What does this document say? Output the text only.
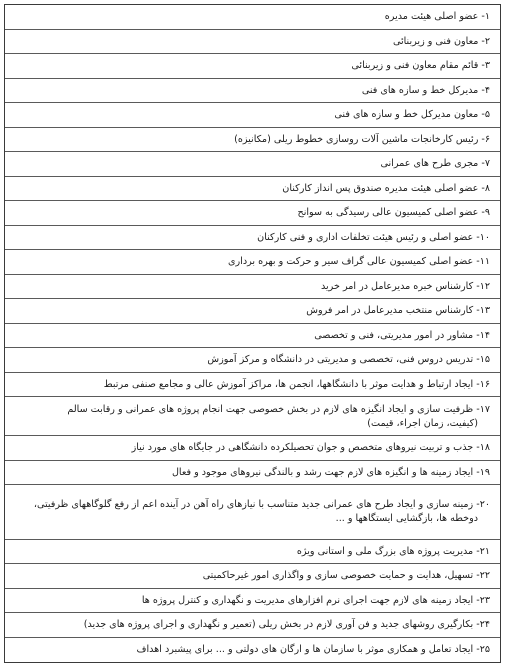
۱- عضو اصلی هیئت مدیره
۲- معاون فنی و زیربنائی
۳- قائم مقام معاون فنی و زیربنائی
۴- مدیرکل خط و سازه های فنی
۵- معاون مدیرکل خط و سازه های فنی
۶- رئیس کارخانجات ماشین آلات روسازی خطوط ریلی (مکانیزه)
۷- مجری طرح های عمرانی
۸- عضو اصلی هیئت مدیره صندوق پس انداز کارکنان
۹- عضو اصلی کمیسیون عالی رسیدگی به سوانح
۱۰- عضو اصلی و رئیس هیئت تخلفات اداری و فنی کارکنان
۱۱- عضو اصلی کمیسیون عالی گراف سیر و حرکت و بهره برداری
۱۲- کارشناس خبره مدیرعامل در امر خرید
۱۳- کارشناس منتخب مدیرعامل در امر فروش
۱۴- مشاور در امور مدیریتی، فنی و تخصصی
۱۵- تدریس دروس فنی، تخصصی و مدیریتی در دانشگاه و مرکز آموزش
۱۶- ایجاد ارتباط و هدایت موثر با دانشگاهها، انجمن ها، مراکز آموزش عالی و مجامع صنفی مرتبط
۱۷- ظرفیت سازی و ایجاد انگیزه های لازم در بخش خصوصی جهت انجام پروژه های عمرانی و رقابت سالم
(کیفیت، زمان اجراء، قیمت)
۱۸- جذب و تربیت نیروهای متخصص و جوان تحصیلکرده دانشگاهی در جایگاه های مورد نیاز
۱۹- ایجاد زمینه ها و انگیزه های لازم جهت رشد و بالندگی نیروهای موجود و فعال
۲۰- زمینه سازی و ایجاد طرح های عمرانی جدید متناسب با نیازهای راه آهن در آینده اعم از رفع گلوگاههای ظرفیتی،
دوخطه ها، بازگشایی ایستگاهها و ...
۲۱- مدیریت پروژه های بزرگ ملی و استانی ویژه
۲۲- تسهیل، هدایت و حمایت خصوصی سازی و واگذاری امور غیرحاکمیتی
۲۳- ایجاد زمینه های لازم جهت اجرای نرم افزارهای مدیریت و نگهداری و کنترل پروژه ها
۲۴- بکارگیری روشهای جدید و فن آوری لازم در بخش ریلی (تعمیر و نگهداری و اجرای پروژه های جدید)
۲۵- ایجاد تعامل و همکاری موثر با سازمان ها و ارگان های دولتی و ... برای پیشبرد اهداف
